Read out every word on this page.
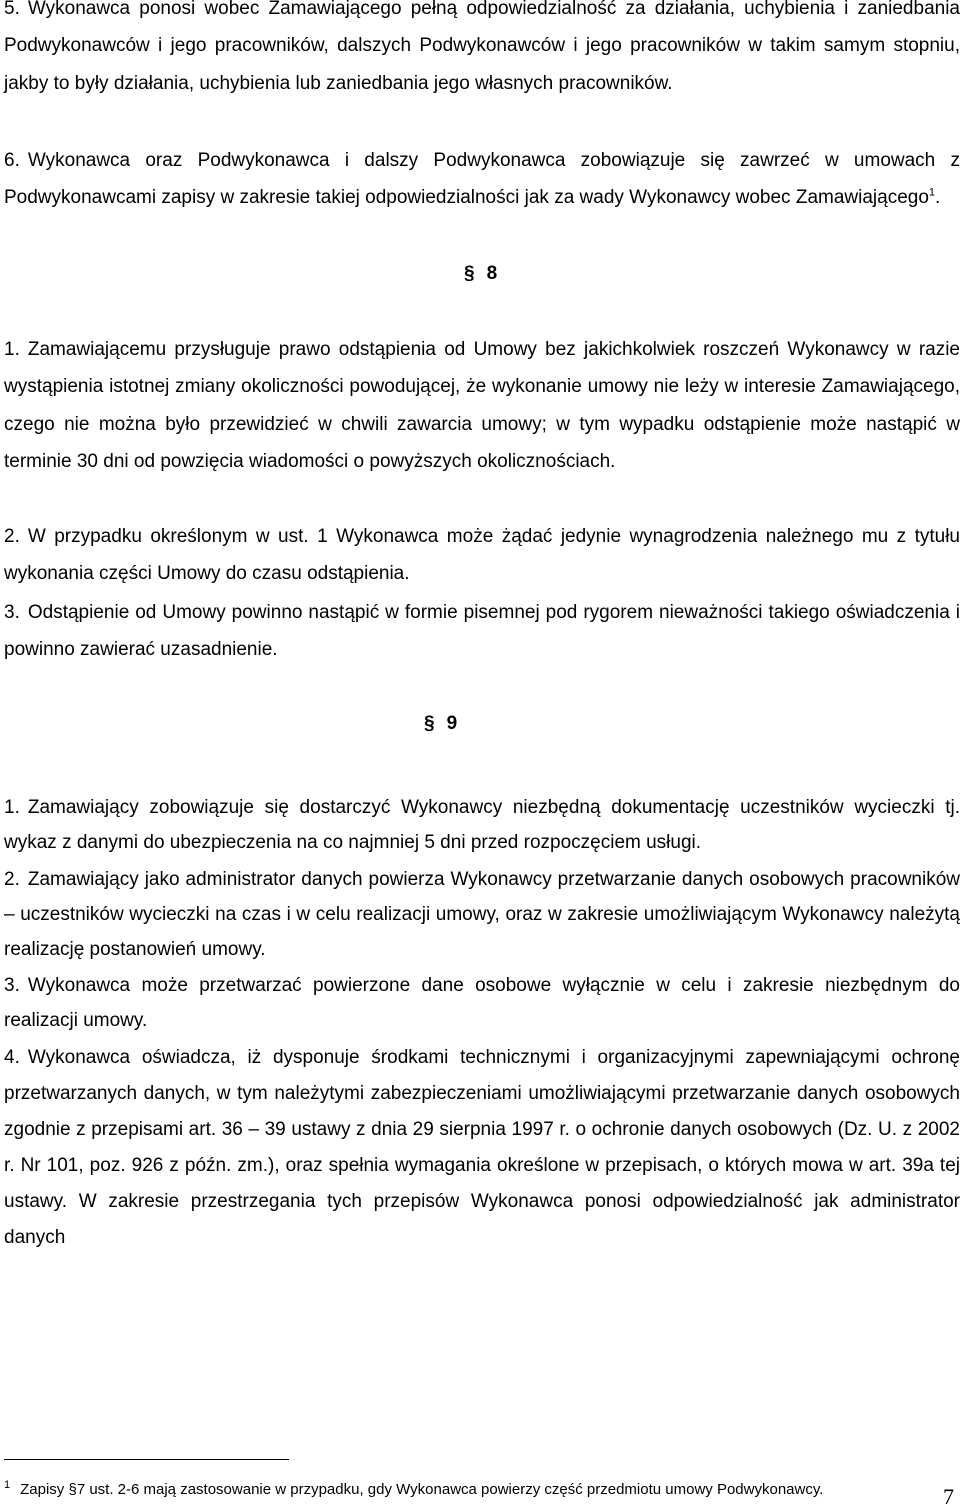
5. Wykonawca ponosi wobec Zamawiającego pełną odpowiedzialność za działania, uchybienia i zaniedbania Podwykonawców i jego pracowników, dalszych Podwykonawców i jego pracowników w takim samym stopniu, jakby to były działania, uchybienia lub zaniedbania jego własnych pracowników.

6. Wykonawca oraz Podwykonawca i dalszy Podwykonawca zobowiązuje się zawrzeć w umowach z Podwykonawcami zapisy w zakresie takiej odpowiedzialności jak za wady Wykonawcy wobec Zamawiającego$^1$.

§ 8

1. Zamawiającemu przysługuje prawo odstąpienia od Umowy bez jakichkolwiek roszczeń Wykonawcy w razie wystąpienia istotnej zmiany okoliczności powodującej, że wykonanie umowy nie leży w interesie Zamawiającego, czego nie można było przewidzieć w chwili zawarcia umowy; w tym wypadku odstąpienie może nastąpić w terminie 30 dni od powzięcia wiadomości o powyższych okolicznościach.

2. W przypadku określonym w ust. 1 Wykonawca może żądać jedynie wynagrodzenia należnego mu z tytułu wykonania części Umowy do czasu odstąpienia.

3. Odstąpienie od Umowy powinno nastąpić w formie pisemnej pod rygorem nieważności takiego oświadczenia i powinno zawierać uzasadnienie.

§ 9

1. Zamawiający zobowiązuje się dostarczyć Wykonawcy niezbędną dokumentację uczestników wycieczki tj. wykaz z danymi do ubezpieczenia na co najmniej 5 dni przed rozpoczęciem usługi.

2. Zamawiający jako administrator danych powierza Wykonawcy przetwarzanie danych osobowych pracowników – uczestników wycieczki na czas i w celu realizacji umowy, oraz w zakresie umożliwiającym Wykonawcy należytą realizację postanowień umowy.

3. Wykonawca może przetwarzać powierzone dane osobowe wyłącznie w celu i zakresie niezbędnym do realizacji umowy.

4. Wykonawca oświadcza, iż dysponuje środkami technicznymi i organizacyjnymi zapewniającymi ochronę przetwarzanych danych, w tym należytymi zabezpieczeniami umożliwiającymi przetwarzanie danych osobowych zgodnie z przepisami art. 36 – 39 ustawy z dnia 29 sierpnia 1997 r. o ochronie danych osobowych (Dz. U. z 2002 r. Nr 101, poz. 926 z późn. zm.), oraz spełnia wymagania określone w przepisach, o których mowa w art. 39a tej ustawy. W zakresie przestrzegania tych przepisów Wykonawca ponosi odpowiedzialność jak administrator danych

$^1$ Zapisy §7 ust. 2-6 mają zastosowanie w przypadku, gdy Wykonawca powierzy część przedmiotu umowy Podwykonawcy.	7
